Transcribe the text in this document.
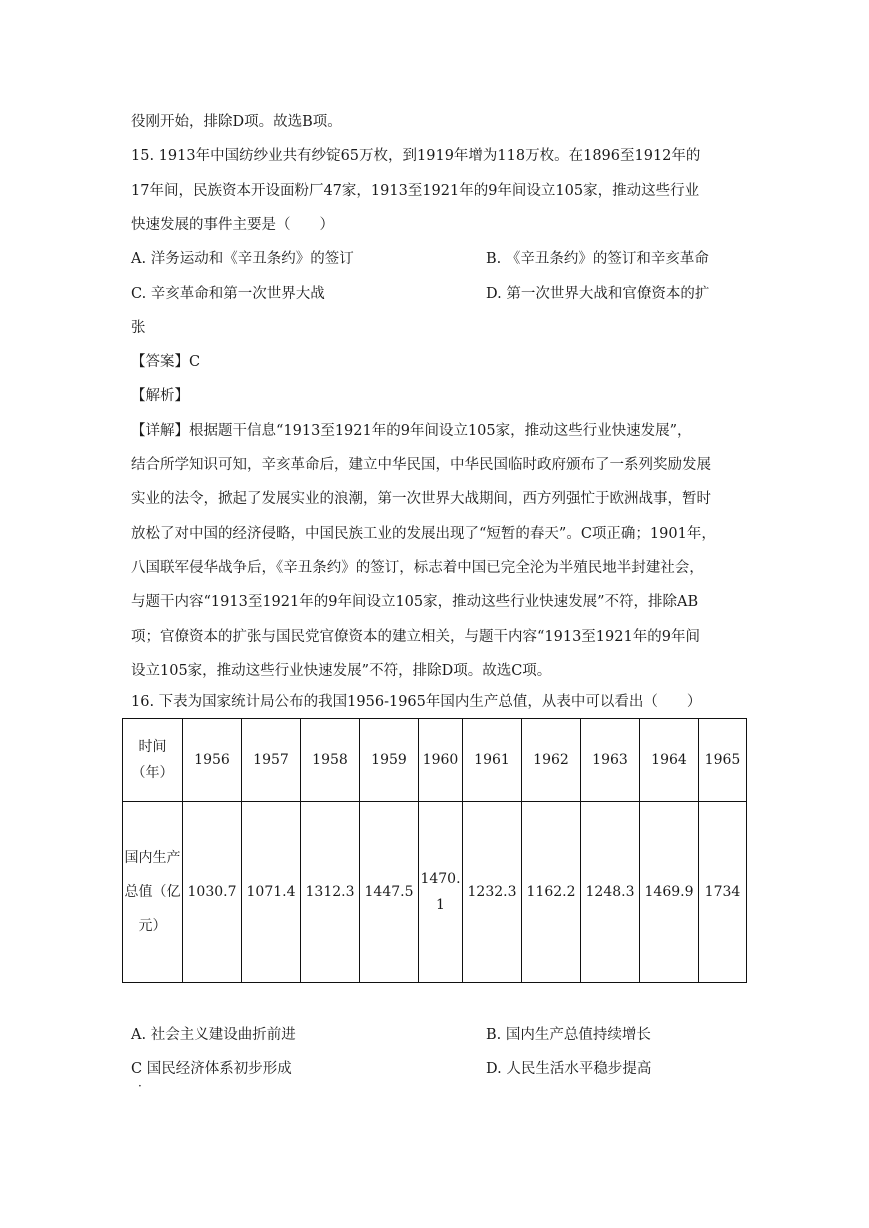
役刚开始，排除D项。故选B项。
15. 1913年中国纺纱业共有纱锭65万枚，到1919年增为118万枚。在1896至1912年的
17年间，民族资本开设面粉厂47家，1913至1921年的9年间设立105家，推动这些行业
快速发展的事件主要是（　　）
A. 洋务运动和《辛丑条约》的签订	B. 《辛丑条约》的签订和辛亥革命
C. 辛亥革命和第一次世界大战	D. 第一次世界大战和官僚资本的扩
张
【答案】C
【解析】
【详解】根据题干信息“1913至1921年的9年间设立105家，推动这些行业快速发展”，
结合所学知识可知，辛亥革命后，建立中华民国，中华民国临时政府颁布了一系列奖励发展
实业的法令，掀起了发展实业的浪潮，第一次世界大战期间，西方列强忙于欧洲战事，暂时
放松了对中国的经济侵略，中国民族工业的发展出现了“短暂的春天”。C项正确；1901年，
八国联军侵华战争后，《辛丑条约》的签订，标志着中国已完全沦为半殖民地半封建社会，
与题干内容“1913至1921年的9年间设立105家，推动这些行业快速发展”不符，排除AB
项；官僚资本的扩张与国民党官僚资本的建立相关，与题干内容“1913至1921年的9年间
设立105家，推动这些行业快速发展”不符，排除D项。故选C项。
16. 下表为国家统计局公布的我国1956-1965年国内生产总值，从表中可以看出（　　）
时间（年）	1956	1957	1958	1959	1960	1961	1962	1963	1964	1965
国内生产总值（亿元）	1030.7	1071.4	1312.3	1447.5	1470.1	1232.3	1162.2	1248.3	1469.9	1734
A. 社会主义建设曲折前进	B. 国内生产总值持续增长
C 国民经济体系初步形成	D. 人民生活水平稳步提高
·
